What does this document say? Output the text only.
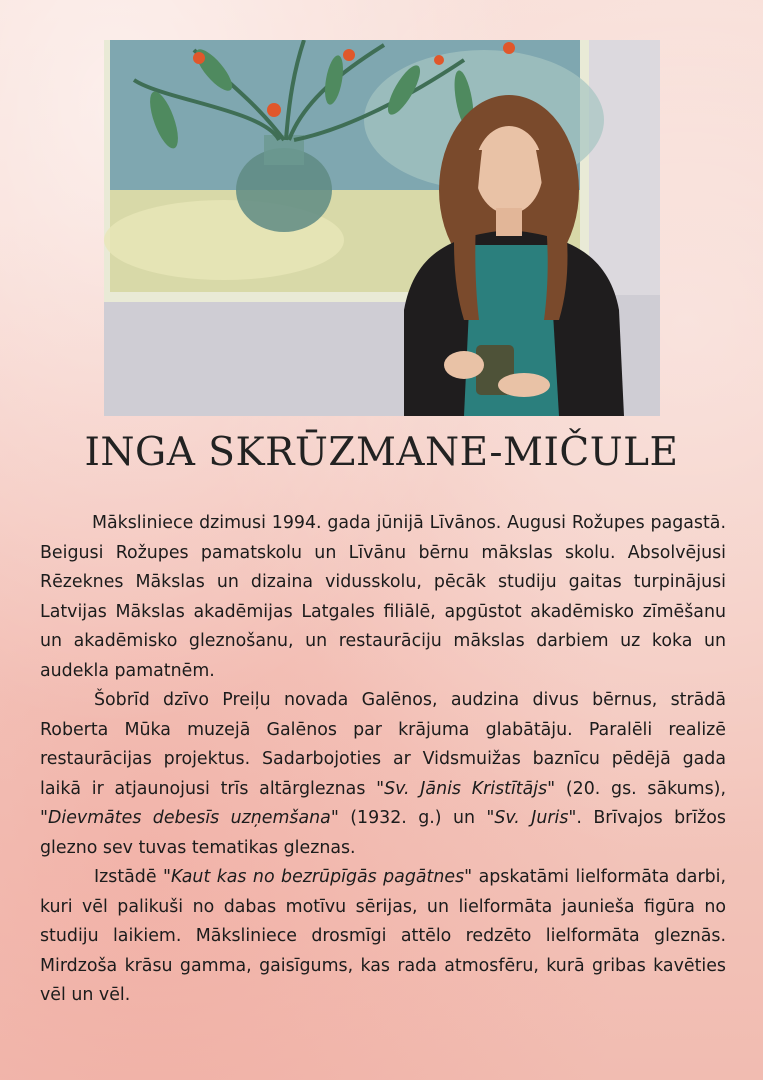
INGA SKRŪZMANE-MIČULE

Māksliniece dzimusi 1994. gada jūnijā Līvānos. Augusi Rožupes pagastā. Beigusi Rožupes pamatskolu un Līvānu bērnu mākslas skolu. Absolvējusi Rēzeknes Mākslas un dizaina vidusskolu, pēcāk studiju gaitas turpinājusi Latvijas Mākslas akadēmijas Latgales filiālē, apgūstot akadēmisko zīmēšanu un akadēmisko gleznošanu, un restaurāciju mākslas darbiem uz koka un audekla pamatnēm.

Šobrīd dzīvo Preiļu novada Galēnos, audzina divus bērnus, strādā Roberta Mūka muzejā Galēnos par krājuma glabātāju. Paralēli realizē restaurācijas projektus. Sadarbojoties ar Vidsmuižas baznīcu pēdējā gada laikā ir atjaunojusi trīs altārgleznas "Sv. Jānis Kristītājs" (20. gs. sākums), "Dievmātes debesīs uzņemšana" (1932. g.) un "Sv. Juris". Brīvajos brīžos glezno sev tuvas tematikas gleznas.

Izstādē "Kaut kas no bezrūpīgās pagātnes" apskatāmi lielformāta darbi, kuri vēl palikuši no dabas motīvu sērijas, un lielformāta jaunieša figūra no studiju laikiem. Māksliniece drosmīgi attēlo redzēto lielformāta gleznās. Mirdzoša krāsu gamma, gaisīgums, kas rada atmosfēru, kurā gribas kavēties vēl un vēl.
